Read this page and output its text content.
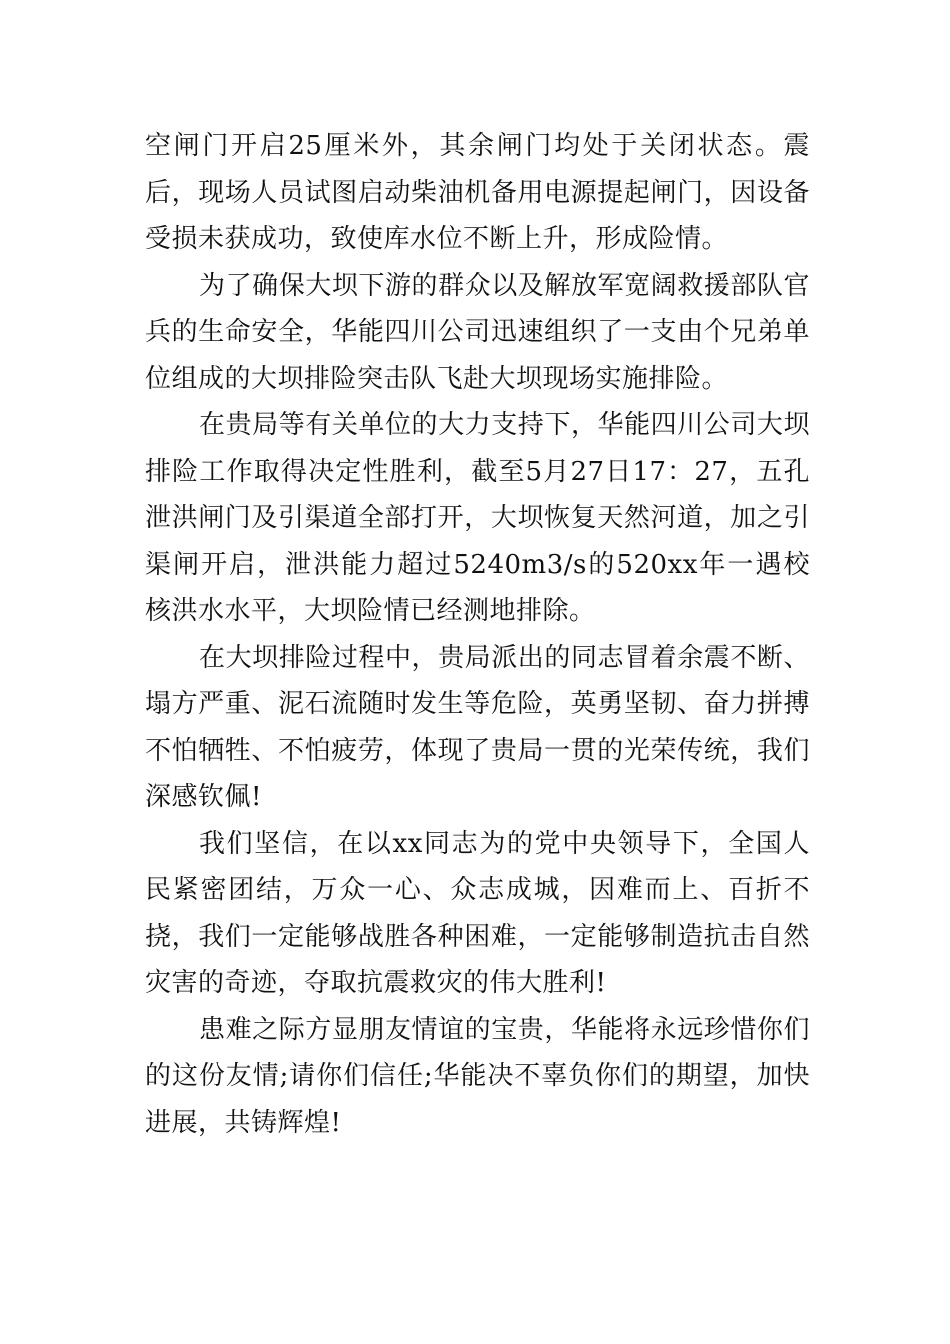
空闸门开启25厘米外，其余闸门均处于关闭状态。震后，现场人员试图启动柴油机备用电源提起闸门，因设备受损未获成功，致使库水位不断上升，形成险情。

为了确保大坝下游的群众以及解放军宽阔救援部队官兵的生命安全，华能四川公司迅速组织了一支由个兄弟单位组成的大坝排险突击队飞赴大坝现场实施排险。

在贵局等有关单位的大力支持下，华能四川公司大坝排险工作取得决定性胜利，截至5月27日17：27，五孔泄洪闸门及引渠道全部打开，大坝恢复天然河道，加之引渠闸开启，泄洪能力超过5240m3/s的520xx年一遇校核洪水水平，大坝险情已经测地排除。

在大坝排险过程中，贵局派出的同志冒着余震不断、塌方严重、泥石流随时发生等危险，英勇坚韧、奋力拼搏不怕牺牲、不怕疲劳，体现了贵局一贯的光荣传统，我们深感钦佩!

我们坚信，在以xx同志为的党中央领导下，全国人民紧密团结，万众一心、众志成城，因难而上、百折不挠，我们一定能够战胜各种困难，一定能够制造抗击自然灾害的奇迹，夺取抗震救灾的伟大胜利!

患难之际方显朋友情谊的宝贵，华能将永远珍惜你们的这份友情;请你们信任;华能决不辜负你们的期望，加快进展，共铸辉煌!
